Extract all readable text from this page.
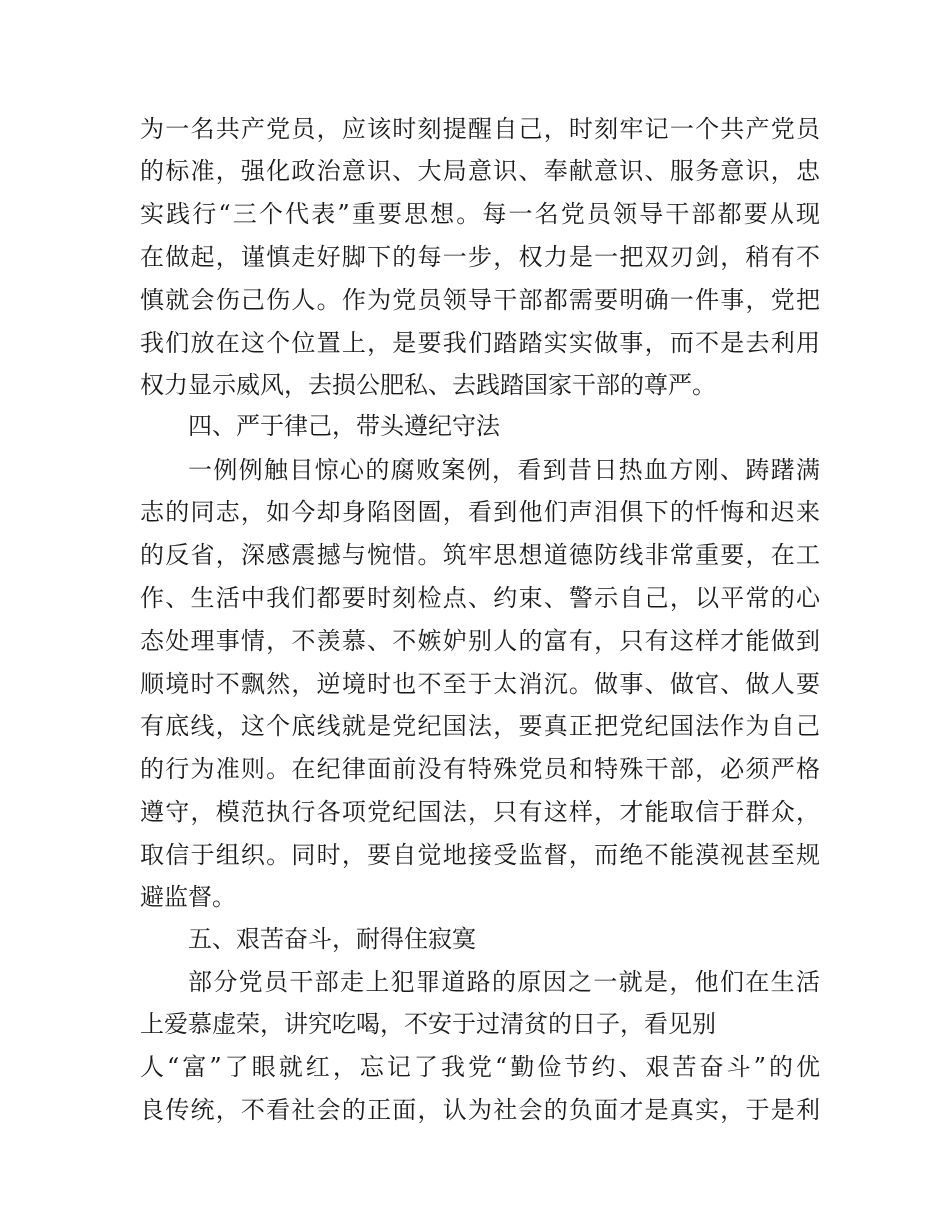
为一名共产党员，应该时刻提醒自己，时刻牢记一个共产党员
的标准，强化政治意识、大局意识、奉献意识、服务意识，忠
实践行“三个代表”重要思想。每一名党员领导干部都要从现
在做起，谨慎走好脚下的每一步，权力是一把双刃剑，稍有不
慎就会伤己伤人。作为党员领导干部都需要明确一件事，党把
我们放在这个位置上，是要我们踏踏实实做事，而不是去利用
权力显示威风，去损公肥私、去践踏国家干部的尊严。
四、严于律己，带头遵纪守法
一例例触目惊心的腐败案例，看到昔日热血方刚、踌躇满
志的同志，如今却身陷囹圄，看到他们声泪俱下的忏悔和迟来
的反省，深感震撼与惋惜。筑牢思想道德防线非常重要，在工
作、生活中我们都要时刻检点、约束、警示自己，以平常的心
态处理事情，不羡慕、不嫉妒别人的富有，只有这样才能做到
顺境时不飘然，逆境时也不至于太消沉。做事、做官、做人要
有底线，这个底线就是党纪国法，要真正把党纪国法作为自己
的行为准则。在纪律面前没有特殊党员和特殊干部，必须严格
遵守，模范执行各项党纪国法，只有这样，才能取信于群众，
取信于组织。同时，要自觉地接受监督，而绝不能漠视甚至规
避监督。
五、艰苦奋斗，耐得住寂寞
部分党员干部走上犯罪道路的原因之一就是，他们在生活
上爱慕虚荣，讲究吃喝，不安于过清贫的日子，看见别
人“富”了眼就红，忘记了我党“勤俭节约、艰苦奋斗”的优
良传统，不看社会的正面，认为社会的负面才是真实，于是利
